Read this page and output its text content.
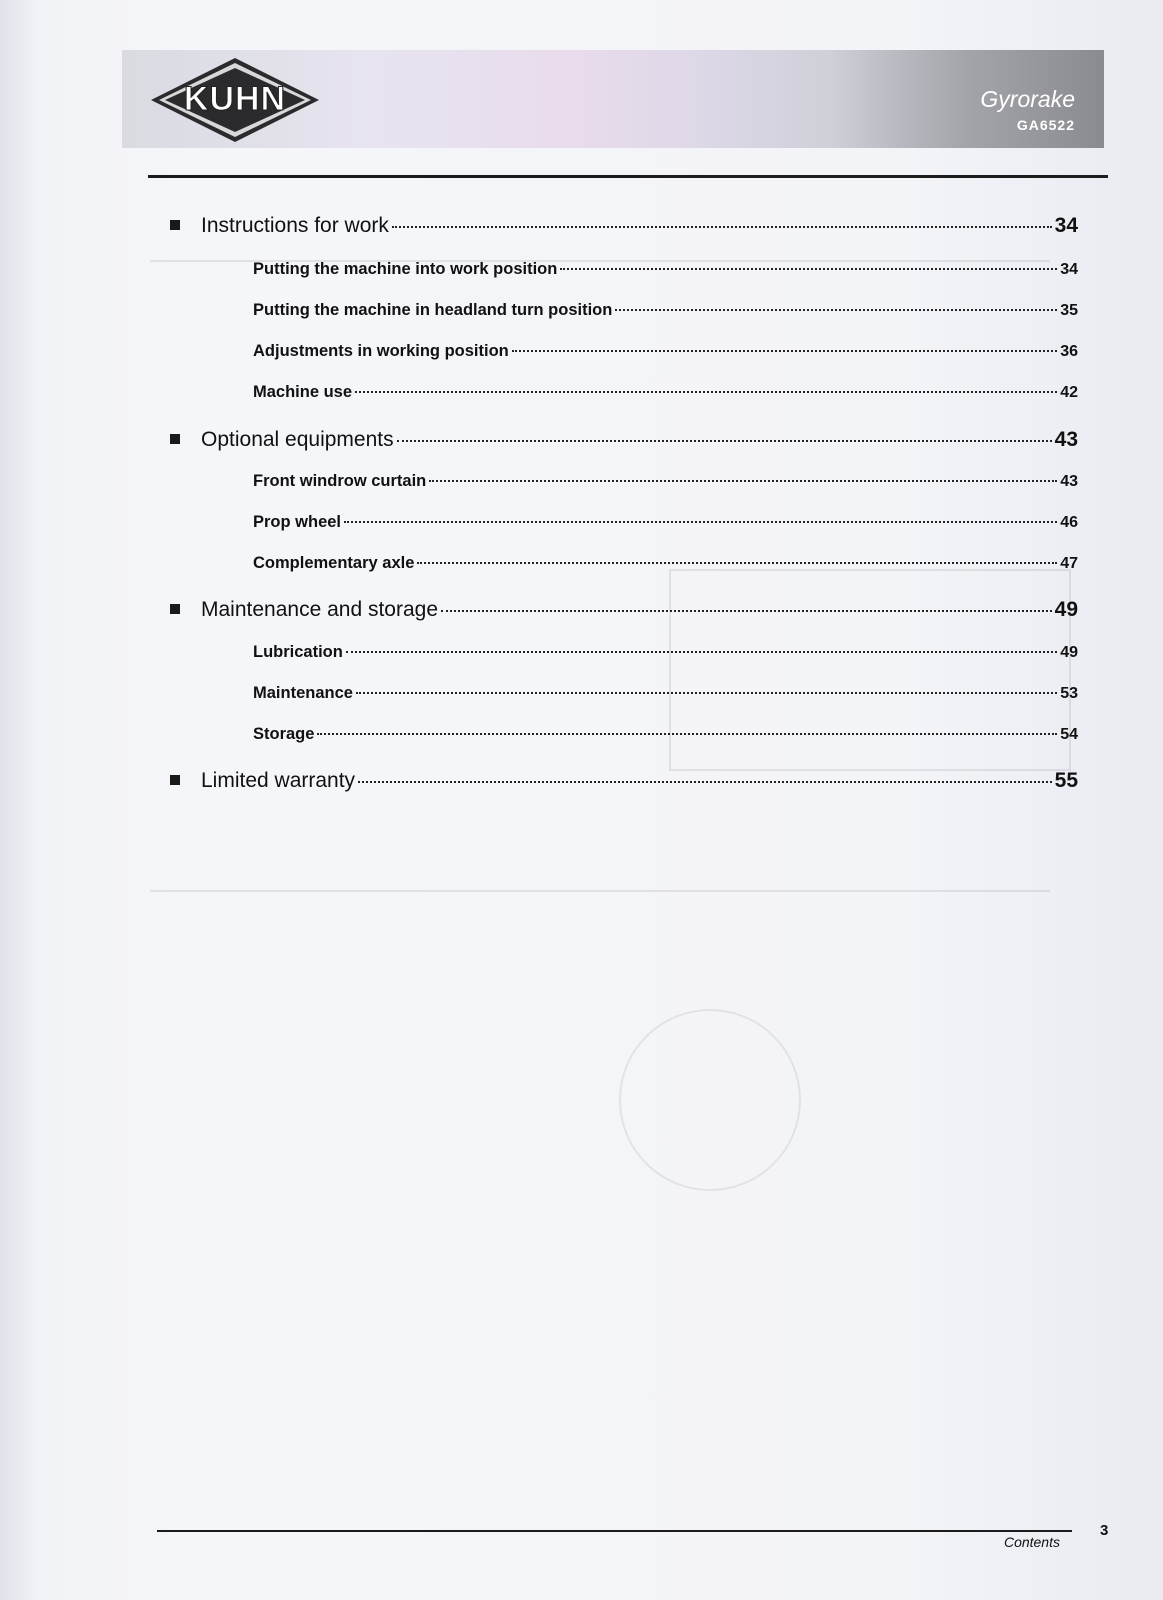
KUHN	Gyrorake
GA6522
Instructions for work	34
Putting the machine into work position	34
Putting the machine in headland turn position	35
Adjustments in working position	36
Machine use	42
Optional equipments	43
Front windrow curtain	43
Prop wheel	46
Complementary axle	47
Maintenance and storage	49
Lubrication	49
Maintenance	53
Storage	54
Limited warranty	55
Contents
3
